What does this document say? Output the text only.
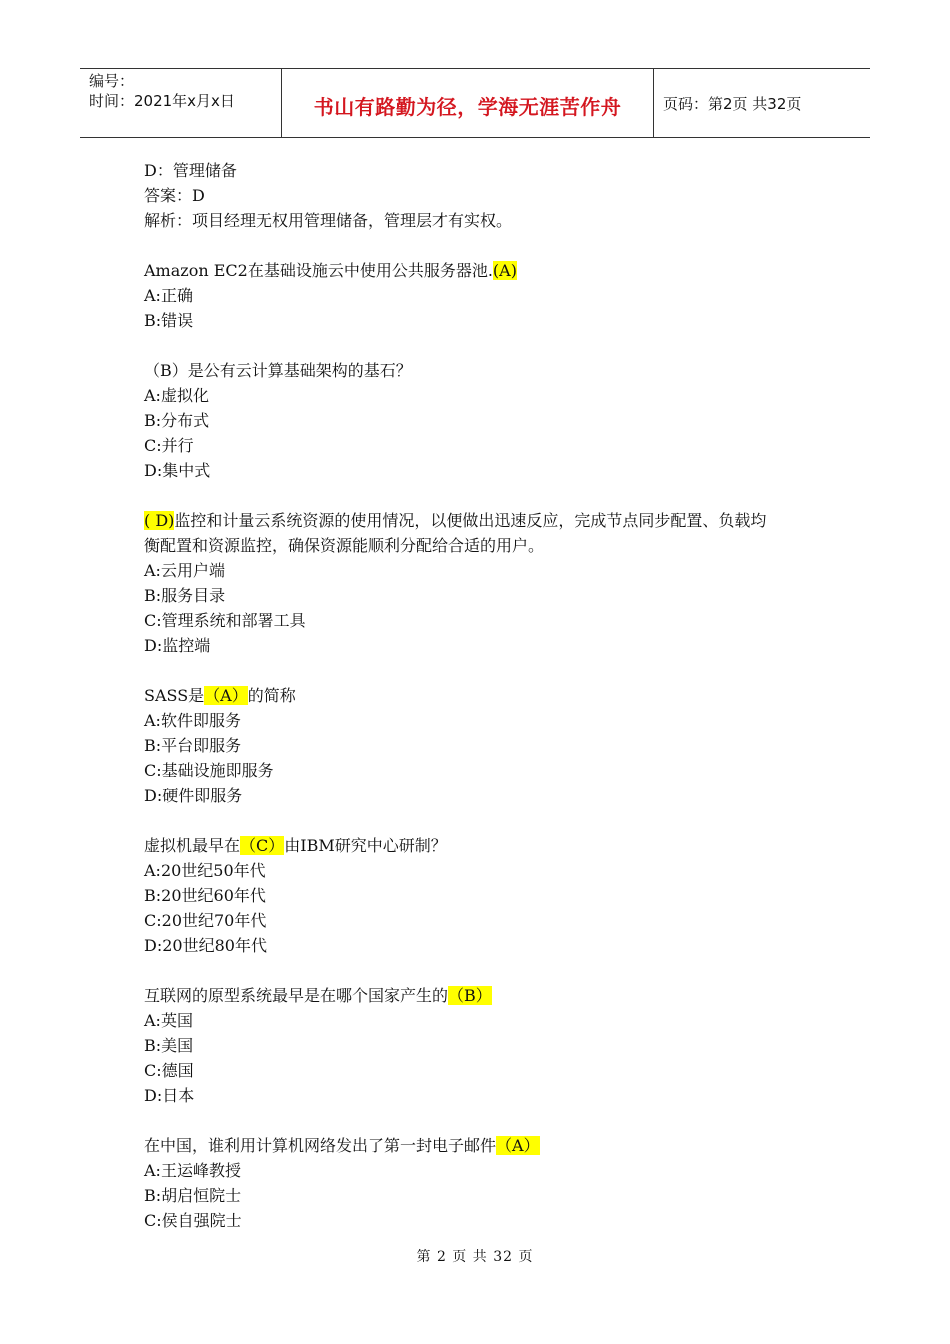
编号：
时间：2021年x月x日	书山有路勤为径，学海无涯苦作舟	页码：第2页 共32页
D：管理储备
答案：D
解析：项目经理无权用管理储备，管理层才有实权。
Amazon EC2在基础设施云中使用公共服务器池.(A)
A:正确
B:错误
（B）是公有云计算基础架构的基石？
A:虚拟化
B:分布式
C:并行
D:集中式
( D)监控和计量云系统资源的使用情况，以便做出迅速反应，完成节点同步配置、负载均
衡配置和资源监控，确保资源能顺利分配给合适的用户。
A:云用户端
B:服务目录
C:管理系统和部署工具
D:监控端
SASS是（A）的简称
A:软件即服务
B:平台即服务
C:基础设施即服务
D:硬件即服务
虚拟机最早在（C）由IBM研究中心研制？
A:20世纪50年代
B:20世纪60年代
C:20世纪70年代
D:20世纪80年代
互联网的原型系统最早是在哪个国家产生的（B）
A:英国
B:美国
C:德国
D:日本
在中国，谁利用计算机网络发出了第一封电子邮件（A）
A:王运峰教授
B:胡启恒院士
C:侯自强院士
第 2 页 共 32 页
